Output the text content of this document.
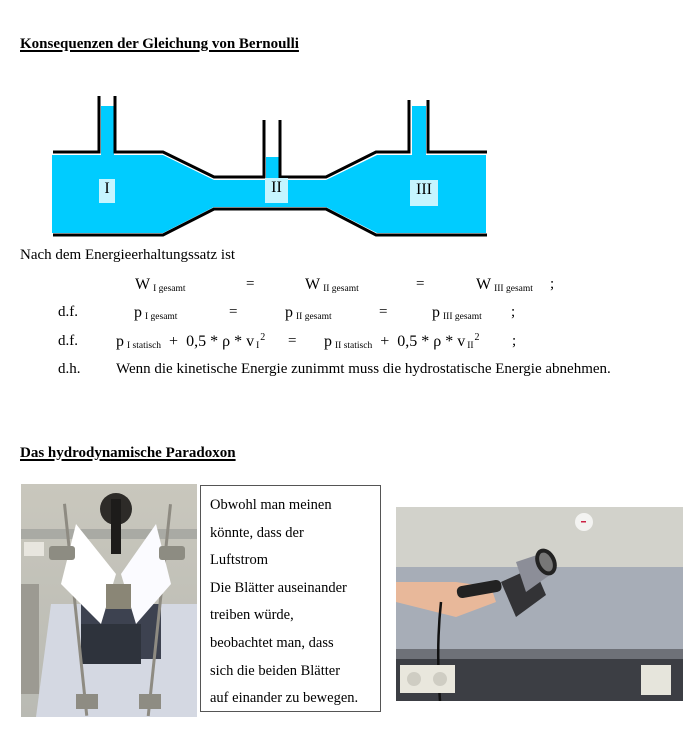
Konsequenzen der Gleichung von Bernoulli
I	II	III
Nach dem Energieerhaltungssatz ist
W I gesamt	=	WII gesamt	=	WIII gesamt ;
d.f.	p I gesamt	=	pII gesamt	=	pIII gesamt ;
d.f. p I statisch + 0,5 * ρ * v $I^2$ = pII statisch + 0,5 * ρ * v $II^2$ ;
d.h. Wenn die kinetische Energie zunimmt muss die hydrostatische Energie abnehmen.
Das hydrodynamische Paradoxon
Obwohl man meinen
könnte, dass der
Luftstrom
Die Blätter auseinander
treiben würde,
beobachtet man, dass
sich die beiden Blätter
auf einander zu bewegen.
